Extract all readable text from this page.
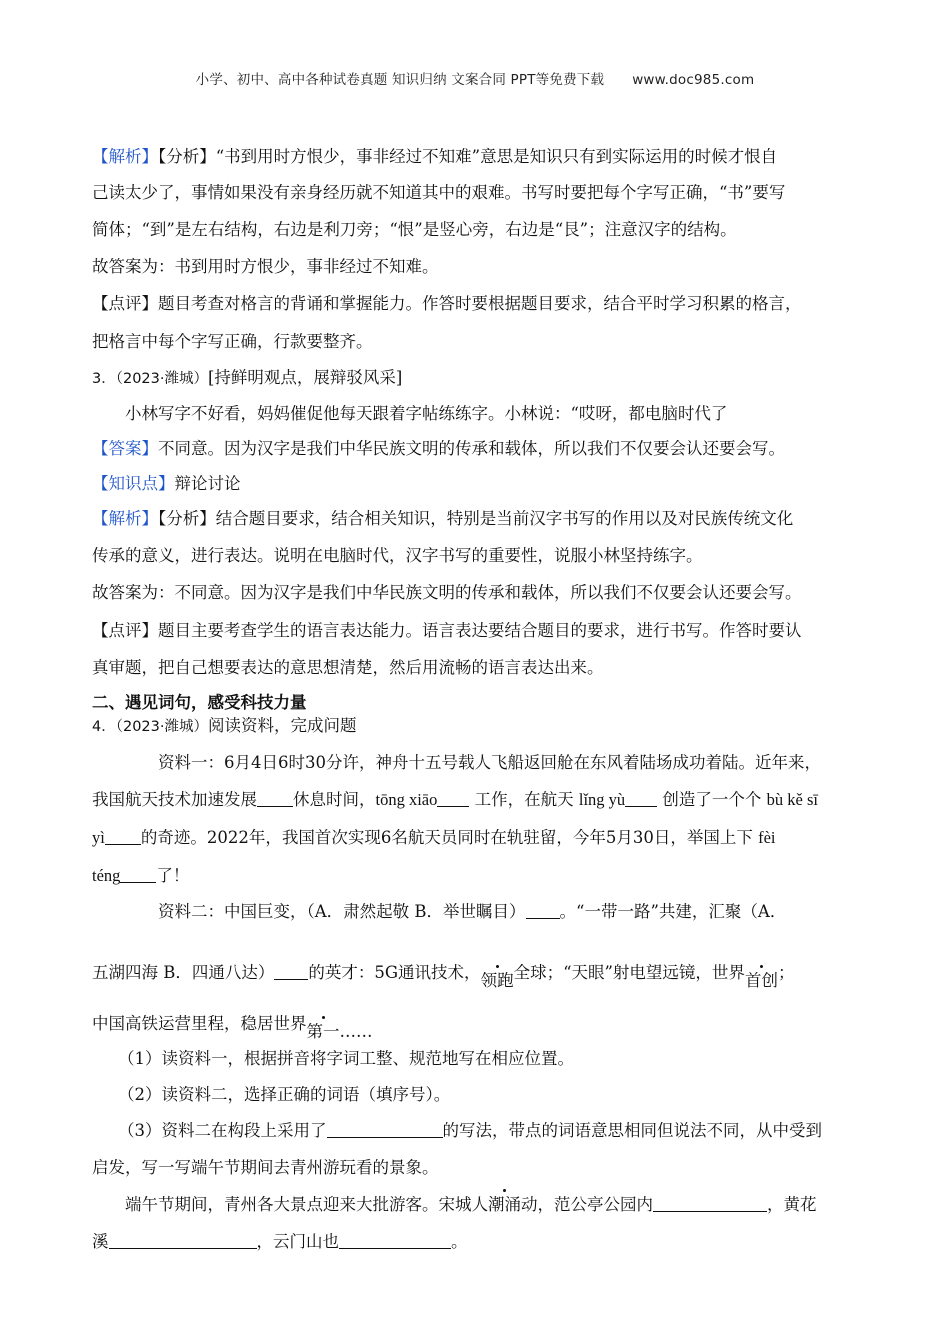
小学、初中、高中各种试卷真题 知识归纳 文案合同 PPT等免费下载 www.doc985.com
【解析】【分析】“书到用时方恨少，事非经过不知难”意思是知识只有到实际运用的时候才恨自
己读太少了，事情如果没有亲身经历就不知道其中的艰难。书写时要把每个字写正确，“书”要写
简体；“到”是左右结构，右边是利刀旁；“恨”是竖心旁，右边是“艮”；注意汉字的结构。
故答案为：书到用时方恨少，事非经过不知难。
【点评】题目考查对格言的背诵和掌握能力。作答时要根据题目要求，结合平时学习积累的格言，
把格言中每个字写正确，行款要整齐。
3．（2023·潍城）[持鲜明观点，展辩驳风采]
小林写字不好看，妈妈催促他每天跟着字帖练练字。小林说：“哎呀，都电脑时代了
【答案】不同意。因为汉字是我们中华民族文明的传承和载体，所以我们不仅要会认还要会写。
【知识点】辩论讨论
【解析】【分析】结合题目要求，结合相关知识，特别是当前汉字书写的作用以及对民族传统文化
传承的意义，进行表达。说明在电脑时代，汉字书写的重要性，说服小林坚持练字。
故答案为：不同意。因为汉字是我们中华民族文明的传承和载体，所以我们不仅要会认还要会写。
【点评】题目主要考查学生的语言表达能力。语言表达要结合题目的要求，进行书写。作答时要认
真审题，把自己想要表达的意思想清楚，然后用流畅的语言表达出来。
二、遇见词句，感受科技力量
4．（2023·潍城）阅读资料，完成问题
资料一：6月4日6时30分许，神舟十五号载人飞船返回舱在东风着陆场成功着陆。近年来，
我国航天技术加速发展 休息时间，tōng xiāo 工作，在航天 lǐng yù 创造了一个个 bù kě sī
yì 的奇迹。2022年，我国首次实现6名航天员同时在轨驻留，今年5月30日，举国上下 fèi
téng 了！
资料二：中国巨变，（A．肃然起敬 B．举世瞩目） 。“一带一路”共建，汇聚（A．
五湖四海 B．四通八达） 的英才：5G通讯技术，领跑全球；“天眼”射电望远镜，世界首创；
中国高铁运营里程，稳居世界第一……
（1）读资料一，根据拼音将字词工整、规范地写在相应位置。
（2）读资料二，选择正确的词语（填序号）。
（3）资料二在构段上采用了	的写法，带点的词语意思相同但说法不同，从中受到
启发，写一写端午节期间去青州游玩看的景象。
端午节期间，青州各大景点迎来大批游客。宋城人潮涌动，范公亭公园内	，黄花
溪	，云门山也	。
